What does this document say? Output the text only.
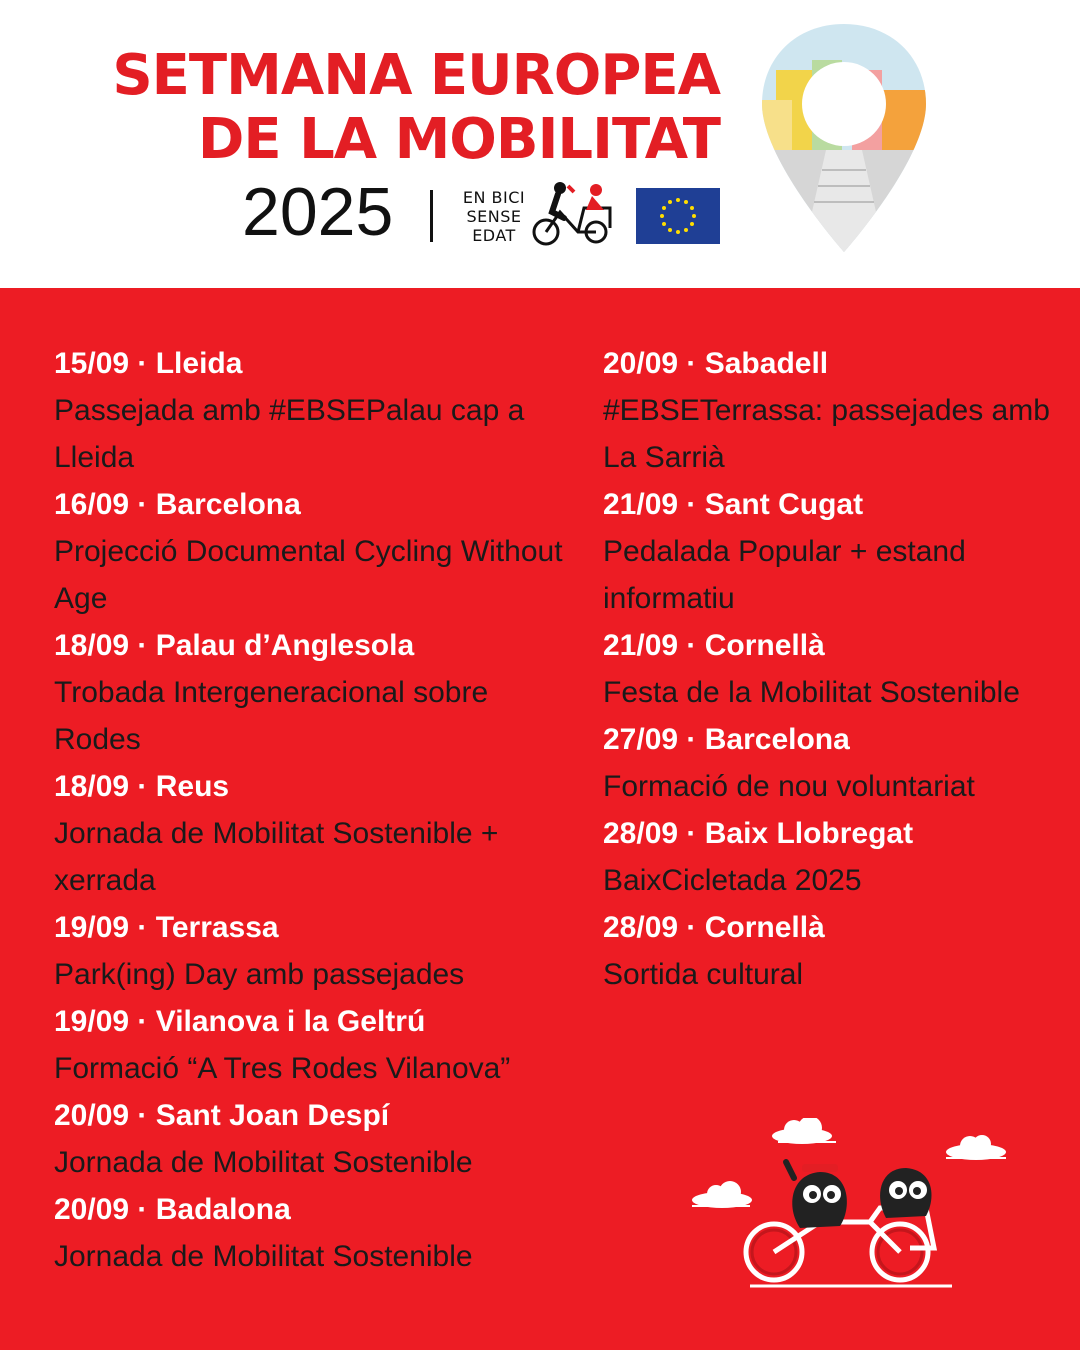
SETMANA EUROPEA
DE LA MOBILITAT
2025	EN BICI
SENSE
EDAT
15/09 · Lleida
Passejada amb #EBSEPalau cap a Lleida
16/09 · Barcelona
Projecció Documental Cycling Without Age
18/09 · Palau d’Anglesola
Trobada Intergeneracional sobre Rodes
18/09 · Reus
Jornada de Mobilitat Sostenible + xerrada
19/09 · Terrassa
Park(ing) Day amb passejades
19/09 · Vilanova i la Geltrú
Formació “A Tres Rodes Vilanova”
20/09 · Sant Joan Despí
Jornada de Mobilitat Sostenible
20/09 · Badalona
Jornada de Mobilitat Sostenible
20/09 · Sabadell
#EBSETerrassa: passejades amb La Sarrià
21/09 · Sant Cugat
Pedalada Popular + estand informatiu
21/09 · Cornellà
Festa de la Mobilitat Sostenible
27/09 · Barcelona
Formació de nou voluntariat
28/09 · Baix Llobregat
BaixCicletada 2025
28/09 · Cornellà
Sortida cultural
